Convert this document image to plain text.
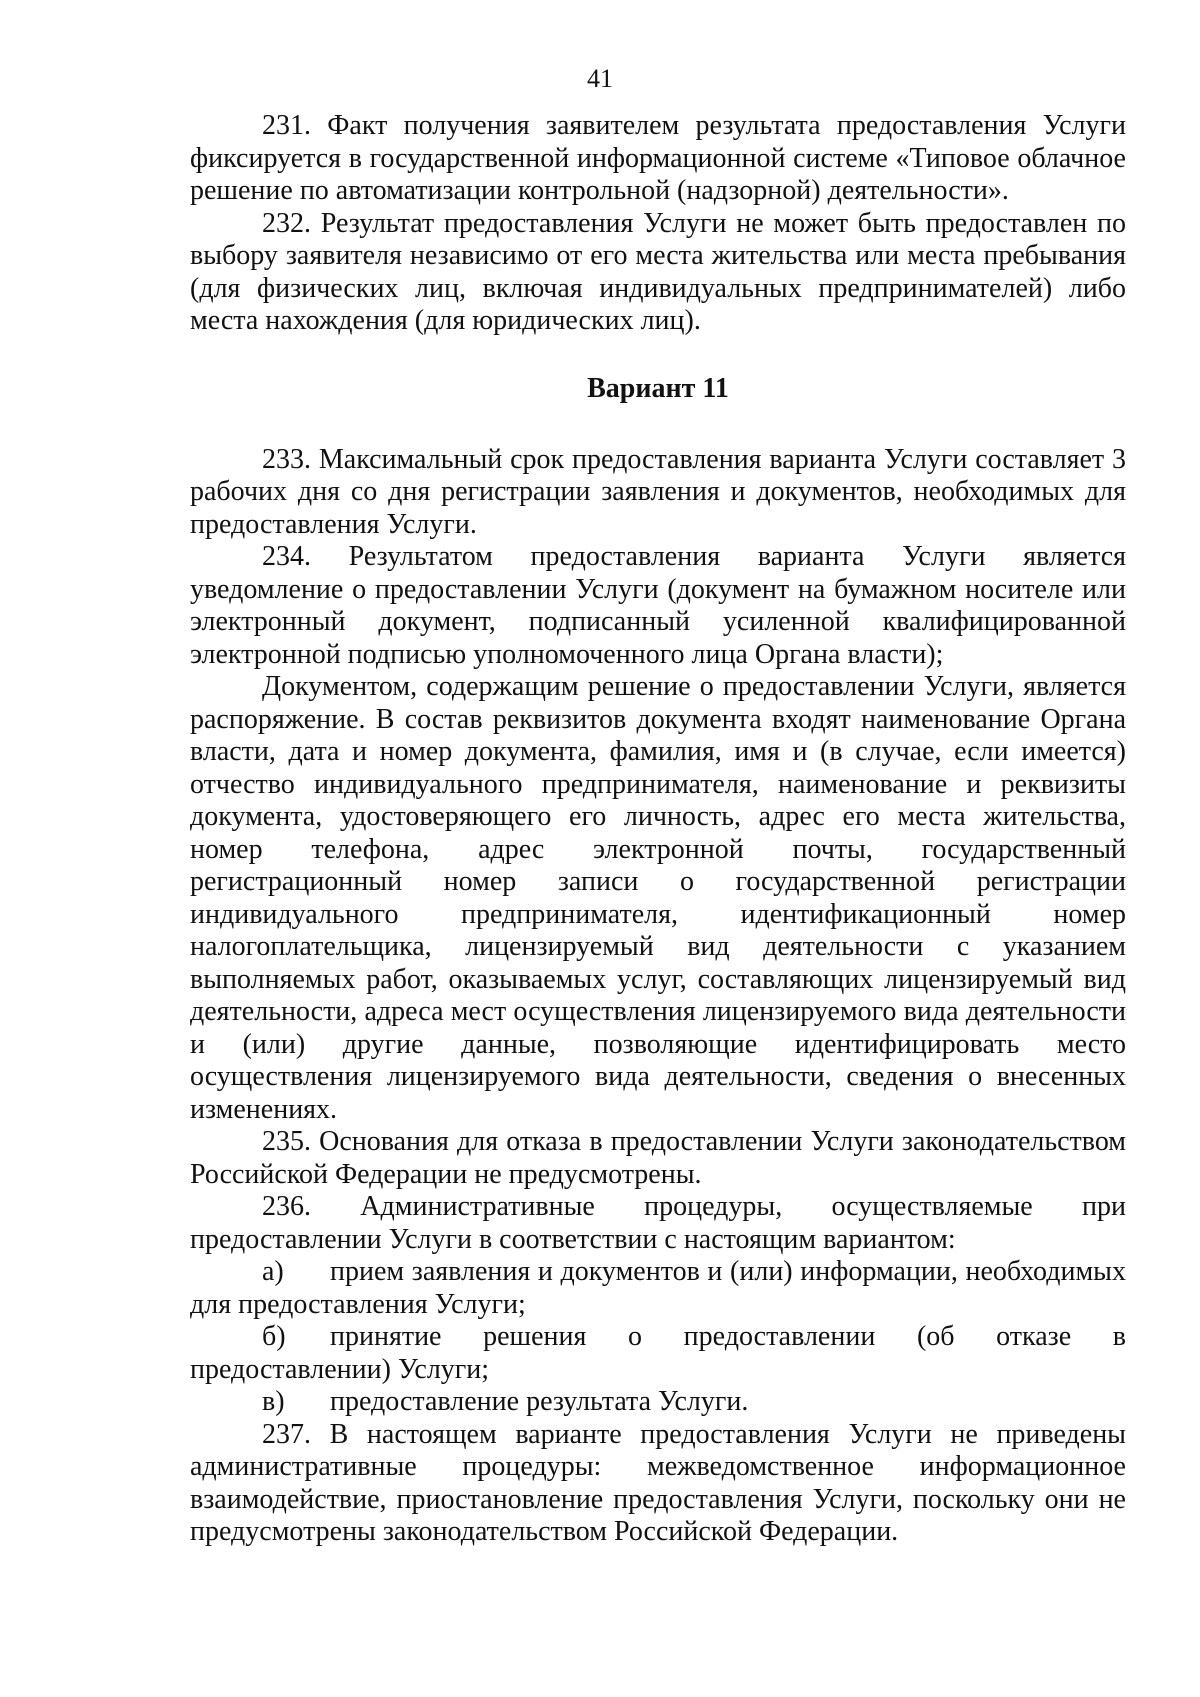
41

231. Факт получения заявителем результата предоставления Услуги фиксируется в государственной информационной системе «Типовое облачное решение по автоматизации контрольной (надзорной) деятельности».

232. Результат предоставления Услуги не может быть предоставлен по выбору заявителя независимо от его места жительства или места пребывания (для физических лиц, включая индивидуальных предпринимателей) либо места нахождения (для юридических лиц).

Вариант 11

233. Максимальный срок предоставления варианта Услуги составляет 3 рабочих дня со дня регистрации заявления и документов, необходимых для предоставления Услуги.

234. Результатом предоставления варианта Услуги является уведомление о предоставлении Услуги (документ на бумажном носителе или электронный документ, подписанный усиленной квалифицированной электронной подписью уполномоченного лица Органа власти);

Документом, содержащим решение о предоставлении Услуги, является распоряжение. В состав реквизитов документа входят наименование Органа власти, дата и номер документа, фамилия, имя и (в случае, если имеется) отчество индивидуального предпринимателя, наименование и реквизиты документа, удостоверяющего его личность, адрес его места жительства, номер телефона, адрес электронной почты, государственный регистрационный номер записи о государственной регистрации индивидуального предпринимателя, идентификационный номер налогоплательщика, лицензируемый вид деятельности с указанием выполняемых работ, оказываемых услуг, составляющих лицензируемый вид деятельности, адреса мест осуществления лицензируемого вида деятельности и (или) другие данные, позволяющие идентифицировать место осуществления лицензируемого вида деятельности, сведения о внесенных изменениях.

235. Основания для отказа в предоставлении Услуги законодательством Российской Федерации не предусмотрены.

236. Административные процедуры, осуществляемые при предоставлении Услуги в соответствии с настоящим вариантом:

а) прием заявления и документов и (или) информации, необходимых для предоставления Услуги;

б) принятие решения о предоставлении (об отказе в предоставлении) Услуги;

в) предоставление результата Услуги.

237. В настоящем варианте предоставления Услуги не приведены административные процедуры: межведомственное информационное взаимодействие, приостановление предоставления Услуги, поскольку они не предусмотрены законодательством Российской Федерации.
